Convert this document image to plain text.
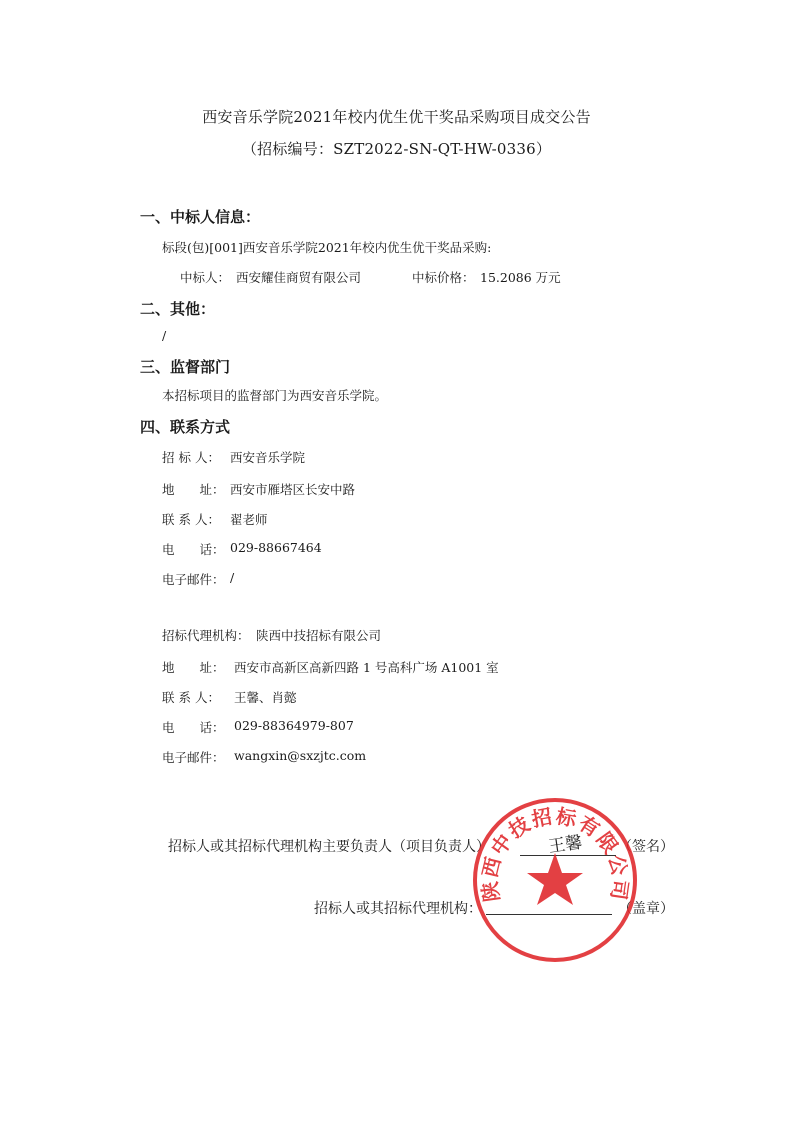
西安音乐学院2021年校内优生优干奖品采购项目成交公告
（招标编号：SZT2022-SN-QT-HW-0336）
一、中标人信息：
标段(包)[001]西安音乐学院2021年校内优生优干奖品采购:
中标人： 西安耀佳商贸有限公司	中标价格： 15.2086 万元
二、其他：
/
三、监督部门
本招标项目的监督部门为西安音乐学院。
四、联系方式
招 标 人： 西安音乐学院
地　　址： 西安市雁塔区长安中路
联 系 人： 翟老师
电　　话： 029-88667464
电子邮件： /
招标代理机构： 陕西中技招标有限公司
地　　址： 西安市高新区高新四路 1 号高科广场 A1001 室
联 系 人： 王馨、肖懿
电　　话： 029-88364979-807
电子邮件： wangxin@sxzjtc.com
招标人或其招标代理机构主要负责人（项目负责人）	王馨 （签名）
招标人或其招标代理机构：	（盖章）
陕西中技招标有限公司
